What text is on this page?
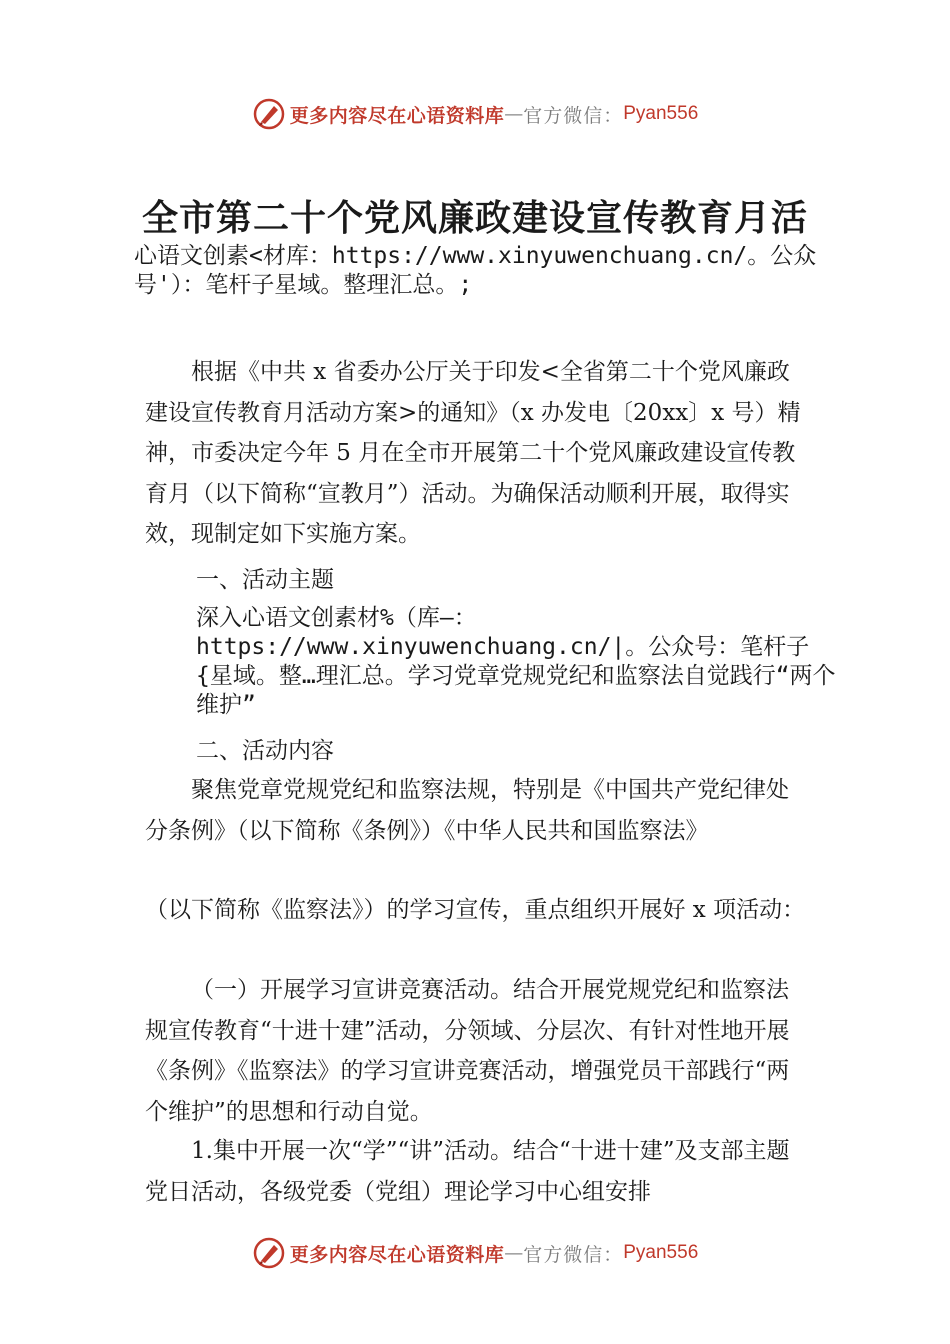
更多内容尽在心语资料库 — 官方微信： Pyan556
全市第二十个党风廉政建设宣传教育月活

心语文创素<材库：https://www.xinyuwenchuang.cn/。公众号'）：笔杆子星域。整理汇总。;

根据《中共 x 省委办公厅关于印发<全省第二十个党风廉政建设宣传教育月活动方案>的通知》（x 办发电〔20xx〕x 号）精神，市委决定今年 5 月在全市开展第二十个党风廉政建设宣传教育月（以下简称“宣教月”）活动。为确保活动顺利开展，取得实效，现制定如下实施方案。

一、活动主题

深入心语文创素材%（库—：https://www.xinyuwenchuang.cn/|。公众号：笔杆子{星域。整…理汇总。学习党章党规党纪和监察法自觉践行“两个维护”

二、活动内容

聚焦党章党规党纪和监察法规，特别是《中国共产党纪律处分条例》（以下简称《条例》）《中华人民共和国监察法》

（以下简称《监察法》）的学习宣传，重点组织开展好 x 项活动：

（一）开展学习宣讲竞赛活动。结合开展党规党纪和监察法规宣传教育“十进十建”活动，分领域、分层次、有针对性地开展《条例》《监察法》的学习宣讲竞赛活动，增强党员干部践行“两个维护”的思想和行动自觉。

1.集中开展一次“学”“讲”活动。结合“十进十建”及支部主题党日活动，各级党委（党组）理论学习中心组安排

更多内容尽在心语资料库 — 官方微信： Pyan556
